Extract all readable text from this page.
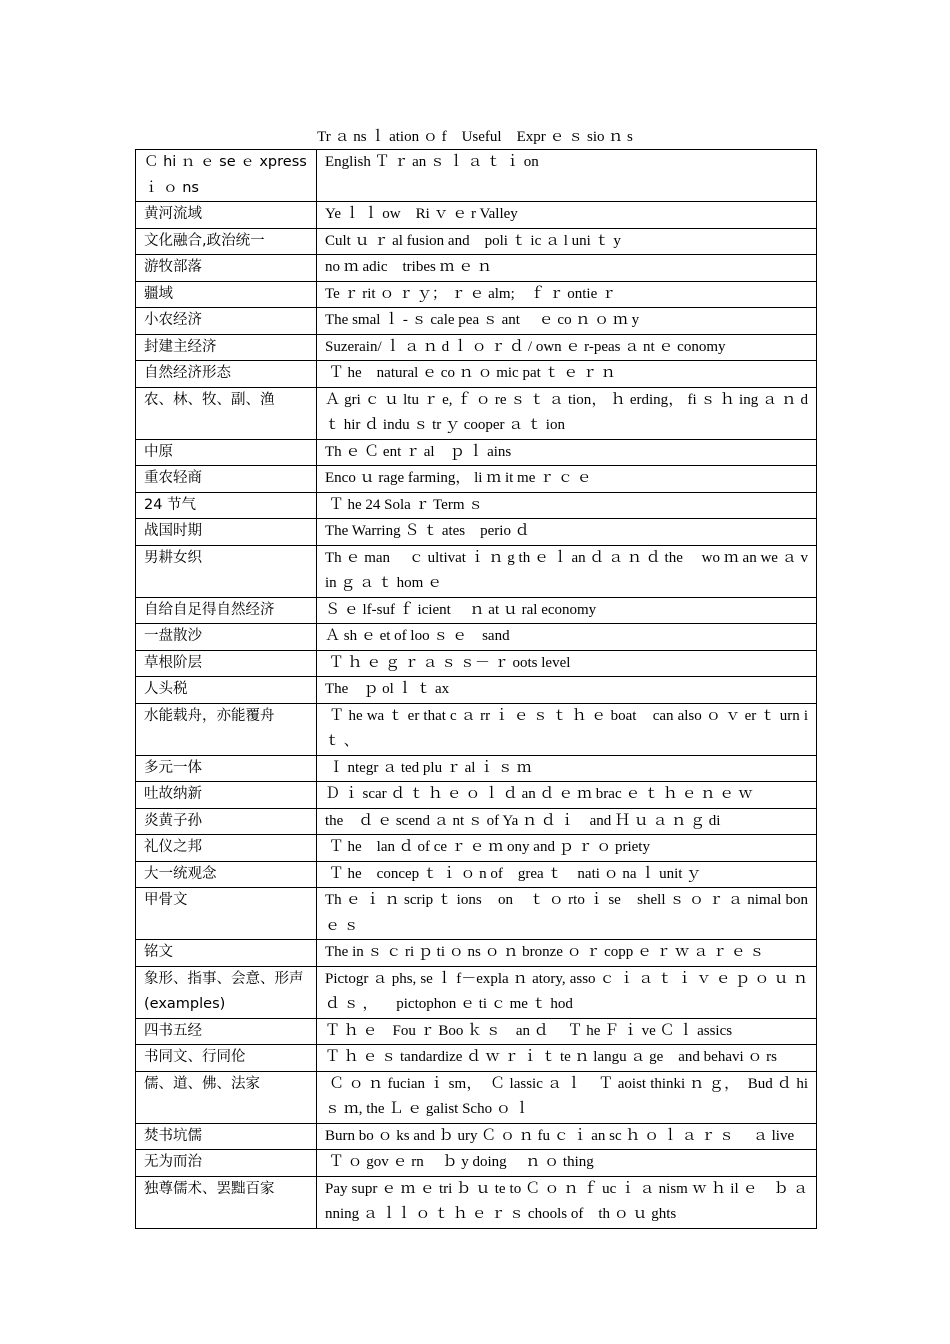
Tr ａ ns ｌ ation ｏ f    Useful    Expr ｅ ｓ sio ｎ s
Ｃ hi ｎ ｅ se ｅ xpress ｉ ｏ ns	English Ｔ ｒ an ｓ ｌ ａ ｔ ｉ on
黄河流域	Ye ｌ ｌ ow    Ri ｖ ｅ r Valley
文化融合,政治统一	Cult ｕ ｒ al fusion and    poli ｔ ic ａ l uni ｔ y
游牧部落	no ｍ adic    tribes ｍ ｅ ｎ
疆域	Te ｒ rit ｏ ｒ ｙ； ｒ ｅ alm;    ｆ ｒ ontie ｒ
小农经济	The smal ｌ - ｓ cale pea ｓ ant     ｅ co ｎ ｏ ｍ y
封建主经济	Suzerain/ ｌ ａ ｎ d ｌ ｏ ｒ ｄ / own ｅ r-peas ａ nt ｅ conomy
自然经济形态	Ｔ he    natural ｅ co ｎ ｏ mic pat ｔ ｅ ｒ ｎ
农、林、牧、副、渔	Ａ gri ｃ ｕ ltu ｒ e, ｆ ｏ re ｓ ｔ ａ tion， ｈ erding， fi ｓ ｈ ing ａ ｎ d ｔ hir ｄ indu ｓ tr ｙ cooper ａ ｔ ion
中原	Th ｅ Ｃ ent ｒ al    ｐ ｌ ains
重农轻商	Enco ｕ rage farming， li ｍ it me ｒ ｃ ｅ
24 节气	Ｔ he 24 Sola ｒ Term ｓ
战国时期	The Warring Ｓ ｔ ates    perio ｄ
男耕女织	Th ｅ man     ｃ ultivat ｉ ｎ g th ｅ ｌ an ｄ ａ ｎ ｄ the     wo ｍ an we ａ vin ｇ ａ ｔ hom ｅ
自给自足得自然经济	Ｓ ｅ lf-suf ｆ icient     ｎ at ｕ ral economy
一盘散沙	Ａ sh ｅ et of loo ｓ ｅ    sand
草根阶层	Ｔ ｈ ｅ ｇ ｒ ａ ｓ ｓ－ ｒ oots level
人头税	The    ｐ ol ｌ ｔ ax
水能载舟，亦能覆舟	Ｔ he wa ｔ er that c ａ rr ｉ ｅ ｓ ｔ ｈ ｅ boat    can also ｏ ｖ er ｔ urn i ｔ 、
多元一体	Ｉ ntegr ａ ted plu ｒ al ｉ ｓ ｍ
吐故纳新	Ｄ ｉ scar ｄ ｔ ｈ ｅ ｏ ｌ ｄ an ｄ ｅ ｍ brac ｅ ｔ ｈ ｅ ｎ ｅ ｗ
炎黄子孙	the    ｄ ｅ scend ａ nt ｓ of Ya ｎ ｄ ｉ    and Ｈ ｕ ａ ｎ ｇ di
礼仪之邦	Ｔ he    lan ｄ of ce ｒ ｅ ｍ ony and ｐ ｒ ｏ priety
大一统观念	Ｔ he    concep ｔ ｉ ｏ n of    grea ｔ    nati ｏ na ｌ unit ｙ
甲骨文	Th ｅ ｉ ｎ scrip ｔ ions    on    ｔ ｏ rto ｉ se    shell ｓ ｏ ｒ ａ nimal bon ｅ ｓ
铭文	The in ｓ ｃ ri ｐ ti ｏ ns ｏ ｎ bronze ｏ ｒ copp ｅ ｒ ｗ ａ ｒ ｅ ｓ
象形、指事、会意、形声(examples)	Pictogr ａ phs, se ｌ f－expla ｎ atory, asso ｃ ｉ ａ ｔ ｉ ｖ ｅ ｐ ｏ ｕ ｎ ｄ ｓ ，     pictophon ｅ ti ｃ me ｔ hod
四书五经	Ｔ ｈ ｅ    Fou ｒ Boo ｋ ｓ    an ｄ     Ｔ he Ｆ ｉ ve Ｃ ｌ assics
书同文、行同伦	Ｔ ｈ ｅ ｓ tandardize ｄ ｗ ｒ ｉ ｔ te ｎ langu ａ ge    and behavi ｏ rs
儒、道、佛、法家	Ｃ ｏ ｎ fucian ｉ sm，  Ｃ lassic ａ ｌ    Ｔ aoist thinki ｎ ｇ，  Bud ｄ hi ｓ ｍ, the Ｌ ｅ galist Scho ｏ ｌ
焚书坑儒	Burn bo ｏ ks and ｂ ury Ｃ ｏ ｎ fu ｃ ｉ an sc ｈ ｏ ｌ ａ ｒ ｓ     ａ live
无为而治	Ｔ ｏ gov ｅ rn     ｂ y doing     ｎ ｏ thing
独尊儒术、罢黜百家	Pay supr ｅ ｍ ｅ tri ｂ ｕ te to Ｃ ｏ ｎ ｆ uc ｉ ａ nism ｗ ｈ il ｅ    ｂ ａ nning ａ ｌｌ ｏ ｔ ｈ ｅ ｒ ｓ chools of    th ｏ ｕ ghts
